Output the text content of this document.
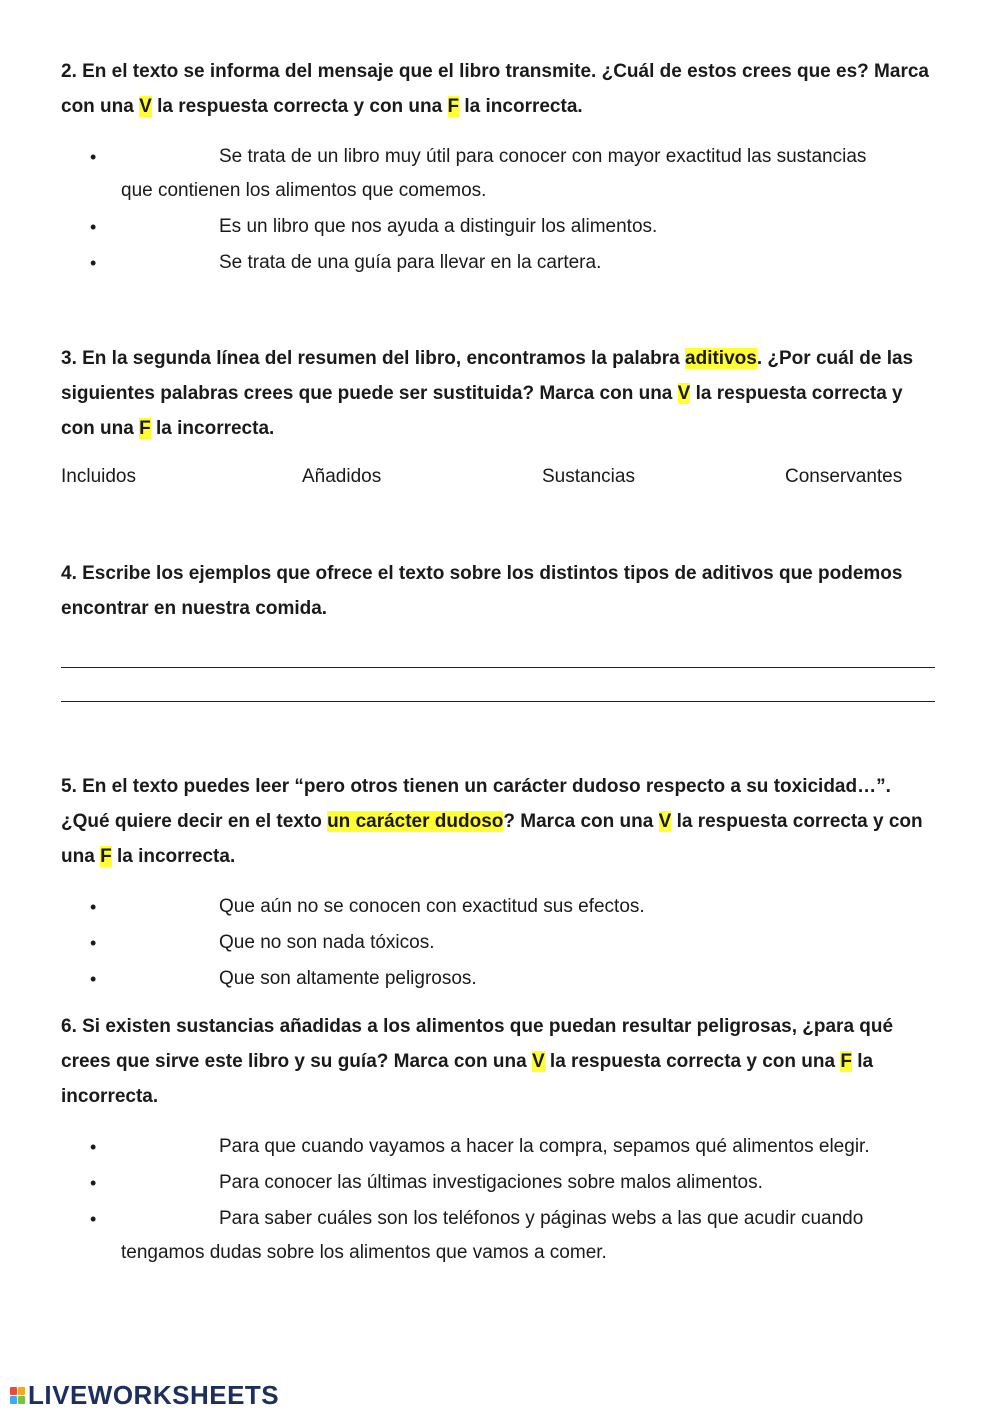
2. En el texto se informa del mensaje que el libro transmite. ¿Cuál de estos crees que es? Marca con una V la respuesta correcta y con una F la incorrecta.
• Se trata de un libro muy útil para conocer con mayor exactitud las sustancias
que contienen los alimentos que comemos.
• Es un libro que nos ayuda a distinguir los alimentos.
• Se trata de una guía para llevar en la cartera.
3. En la segunda línea del resumen del libro, encontramos la palabra aditivos. ¿Por cuál de las siguientes palabras crees que puede ser sustituida? Marca con una V la respuesta correcta y con una F la incorrecta.
Incluidos	Añadidos	Sustancias	Conservantes
4. Escribe los ejemplos que ofrece el texto sobre los distintos tipos de aditivos que podemos encontrar en nuestra comida.
5. En el texto puedes leer “pero otros tienen un carácter dudoso respecto a su toxicidad…”. ¿Qué quiere decir en el texto un carácter dudoso? Marca con una V la respuesta correcta y con una F la incorrecta.
• Que aún no se conocen con exactitud sus efectos.
• Que no son nada tóxicos.
• Que son altamente peligrosos.
6. Si existen sustancias añadidas a los alimentos que puedan resultar peligrosas, ¿para qué crees que sirve este libro y su guía? Marca con una V la respuesta correcta y con una F la incorrecta.
• Para que cuando vayamos a hacer la compra, sepamos qué alimentos elegir.
• Para conocer las últimas investigaciones sobre malos alimentos.
• Para saber cuáles son los teléfonos y páginas webs a las que acudir cuando
tengamos dudas sobre los alimentos que vamos a comer.
LIVEWORKSHEETS
